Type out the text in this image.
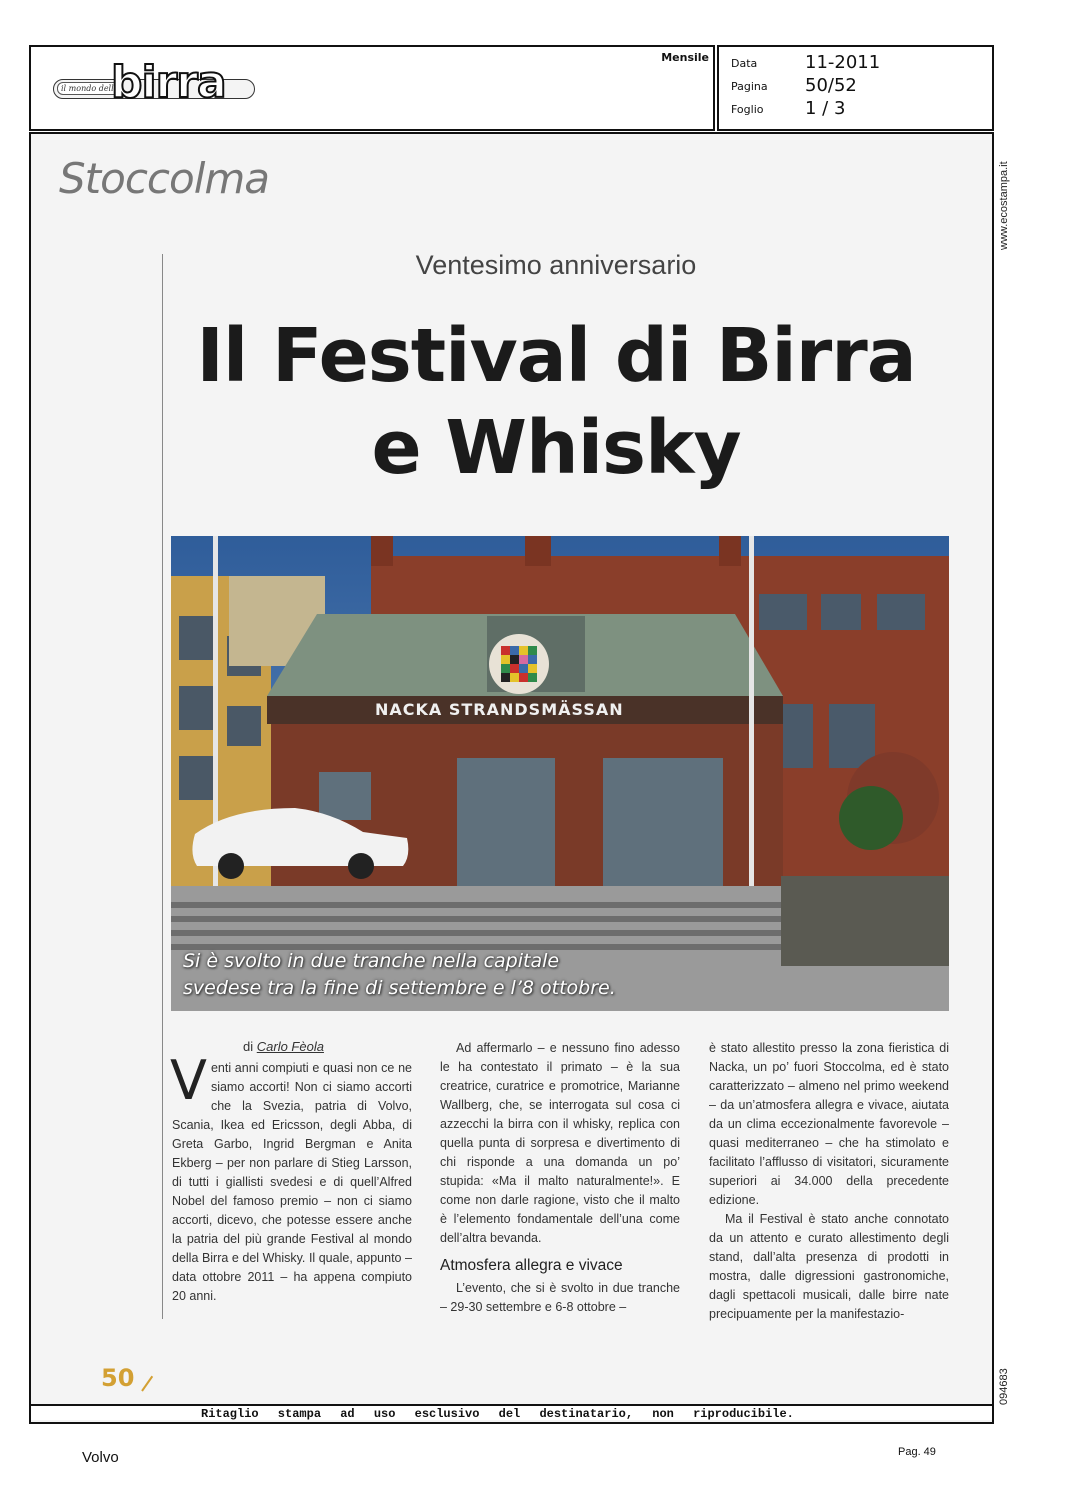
il mondo della
birra	Mensile Data	11-2011
Pagina 50/52
Foglio 1 / 3
Stoccolma
Ventesimo anniversario
Il Festival di Birra
e Whisky
NACKA STRANDSMÄSSAN
Si è svolto in due tranche nella capitale
svedese tra la fine di settembre e l’8 ottobre.
di Carlo Fèola
Venti anni compiuti e quasi non ce ne siamo accorti! Non ci siamo accorti che la Svezia, patria di Volvo, Scania, Ikea ed Ericsson, degli Abba, di Greta Garbo, Ingrid Bergman e Anita Ekberg – per non parlare di Stieg Larsson, di tutti i giallisti svedesi e di quell’Alfred Nobel del famoso premio – non ci siamo accorti, dicevo, che potesse essere anche la patria del più grande Festival al mondo della Birra e del Whisky. Il quale, appunto – data ottobre 2011 – ha appena compiuto 20 anni.

Ad affermarlo – e nessuno fino adesso le ha contestato il primato – è la sua creatrice, curatrice e promotrice, Marianne Wallberg, che, se interrogata sul cosa ci azzecchi la birra con il whisky, replica con quella punta di sorpresa e divertimento di chi risponde a una domanda un po’ stupida: «Ma il malto naturalmente!». E come non darle ragione, visto che il malto è l’elemento fondamentale dell’una come dell’altra bevanda.

Atmosfera allegra e vivace

L’evento, che si è svolto in due tranche – 29-30 settembre e 6-8 ottobre –

è stato allestito presso la zona fieristica di Nacka, un po’ fuori Stoccolma, ed è stato caratterizzato – almeno nel primo weekend – da un’atmosfera allegra e vivace, aiutata da un clima eccezionalmente favorevole – quasi mediterraneo – che ha stimolato e facilitato l’afflusso di visitatori, sicuramente superiori ai 34.000 della precedente edizione.

Ma il Festival è stato anche connotato da un attento e curato allestimento degli stand, dall’alta presenza di prodotti in mostra, dalle digressioni gastronomiche, dagli spettacoli musicali, dalle birre nate precipuamente per la manifestazio-

50
Ritaglio stampa ad uso esclusivo del destinatario, non riproducibile.
www.ecostampa.it
094683
Volvo	Pag. 49
